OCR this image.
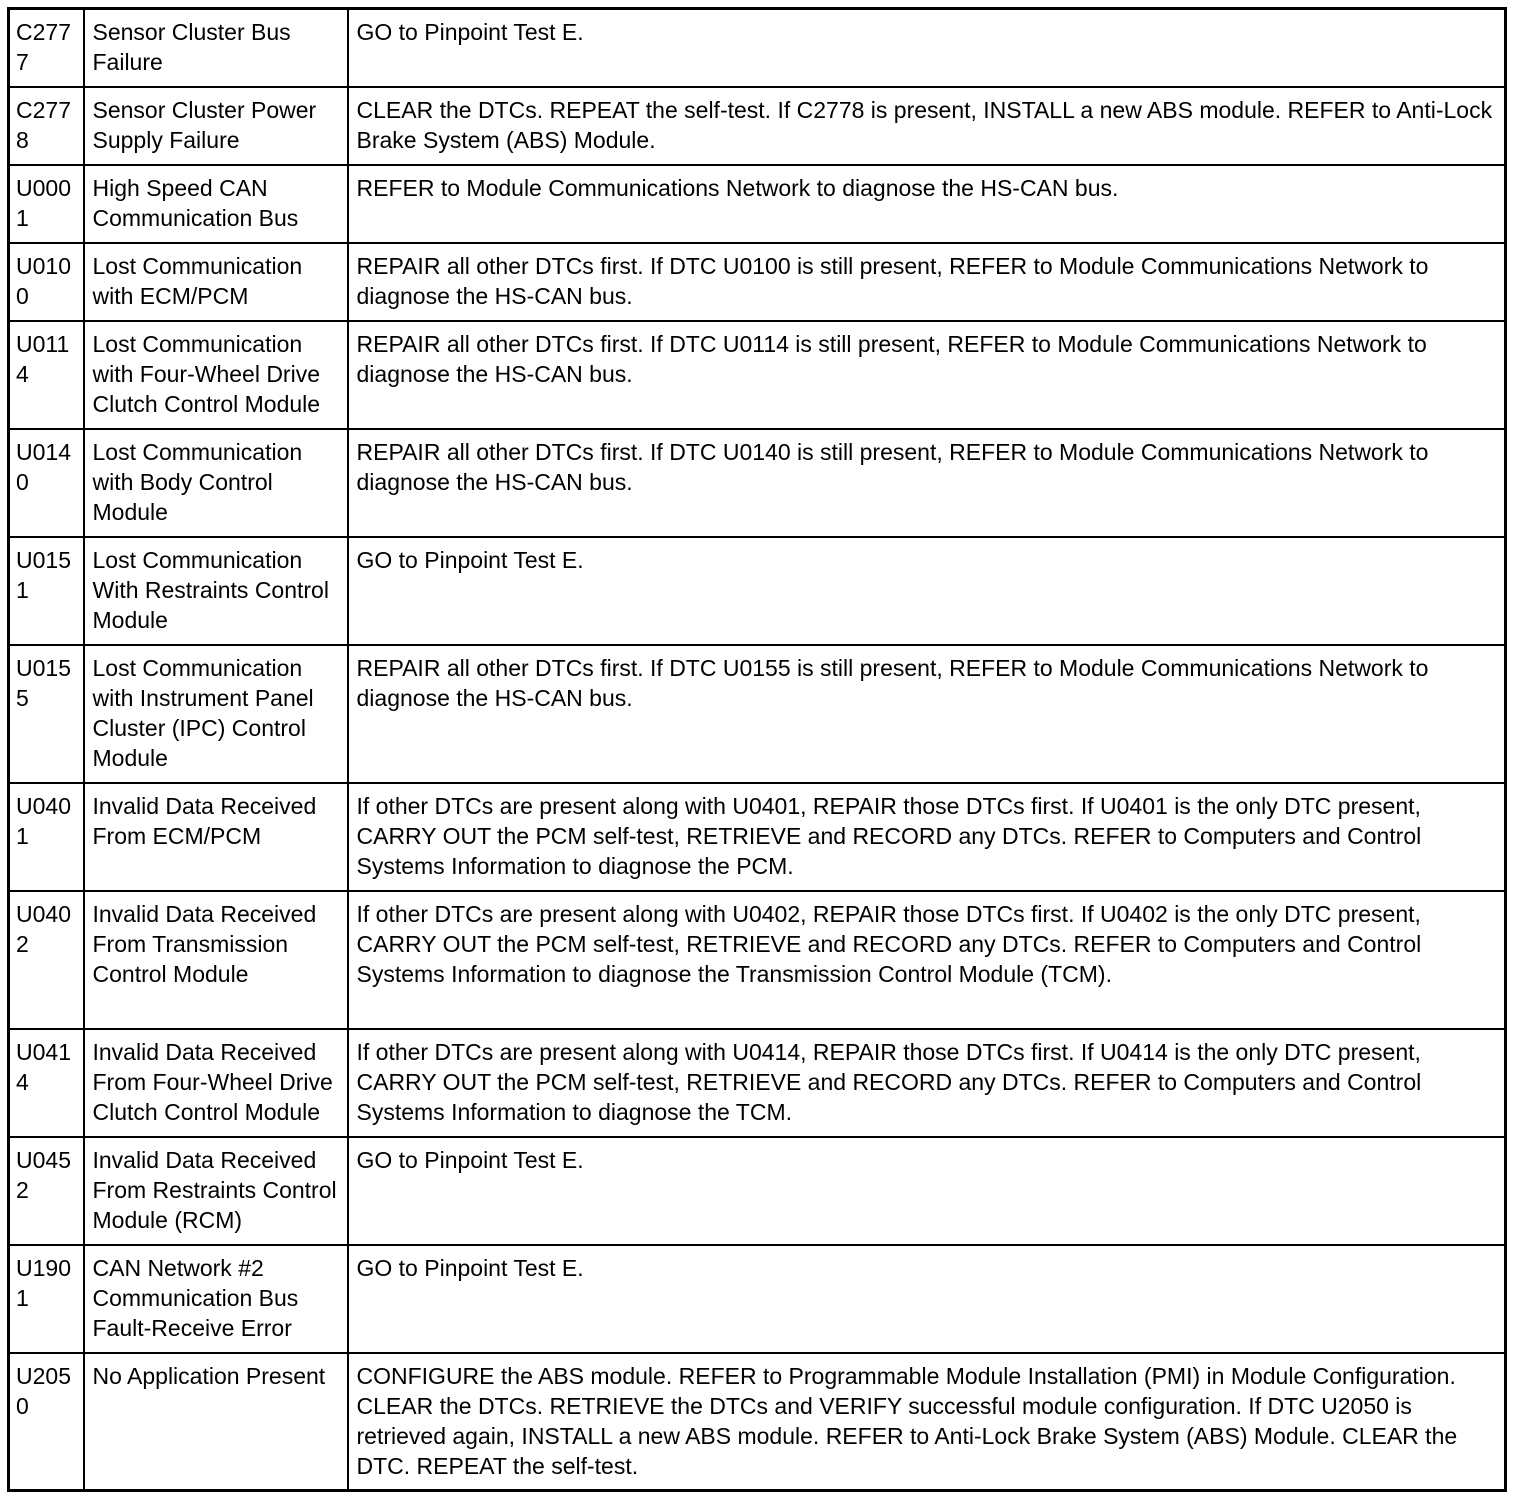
C2777	Sensor Cluster Bus Failure	GO to Pinpoint Test E.
C2778	Sensor Cluster Power Supply Failure	CLEAR the DTCs. REPEAT the self-test. If C2778 is present, INSTALL a new ABS module. REFER to Anti-Lock Brake System (ABS) Module.
U0001	High Speed CAN Communication Bus	REFER to Module Communications Network to diagnose the HS-CAN bus.
U0100	Lost Communication with ECM/PCM	REPAIR all other DTCs first. If DTC U0100 is still present, REFER to Module Communications Network to diagnose the HS-CAN bus.
U0114	Lost Communication with Four-Wheel Drive Clutch Control Module	REPAIR all other DTCs first. If DTC U0114 is still present, REFER to Module Communications Network to diagnose the HS-CAN bus.
U0140	Lost Communication with Body Control Module	REPAIR all other DTCs first. If DTC U0140 is still present, REFER to Module Communications Network to diagnose the HS-CAN bus.
U0151	Lost Communication With Restraints Control Module	GO to Pinpoint Test E.
U0155	Lost Communication with Instrument Panel Cluster (IPC) Control Module	REPAIR all other DTCs first. If DTC U0155 is still present, REFER to Module Communications Network to diagnose the HS-CAN bus.
U0401	Invalid Data Received From ECM/PCM	If other DTCs are present along with U0401, REPAIR those DTCs first. If U0401 is the only DTC present, CARRY OUT the PCM self-test, RETRIEVE and RECORD any DTCs. REFER to Computers and Control Systems Information to diagnose the PCM.
U0402	Invalid Data Received From Transmission Control Module	If other DTCs are present along with U0402, REPAIR those DTCs first. If U0402 is the only DTC present, CARRY OUT the PCM self-test, RETRIEVE and RECORD any DTCs. REFER to Computers and Control Systems Information to diagnose the Transmission Control Module (TCM).
U0414	Invalid Data Received From Four-Wheel Drive Clutch Control Module	If other DTCs are present along with U0414, REPAIR those DTCs first. If U0414 is the only DTC present, CARRY OUT the PCM self-test, RETRIEVE and RECORD any DTCs. REFER to Computers and Control Systems Information to diagnose the TCM.
U0452	Invalid Data Received From Restraints Control Module (RCM)	GO to Pinpoint Test E.
U1901	CAN Network #2 Communication Bus Fault-Receive Error	GO to Pinpoint Test E.
U2050	No Application Present	CONFIGURE the ABS module. REFER to Programmable Module Installation (PMI) in Module Configuration. CLEAR the DTCs. RETRIEVE the DTCs and VERIFY successful module configuration. If DTC U2050 is retrieved again, INSTALL a new ABS module. REFER to Anti-Lock Brake System (ABS) Module. CLEAR the DTC. REPEAT the self-test.
